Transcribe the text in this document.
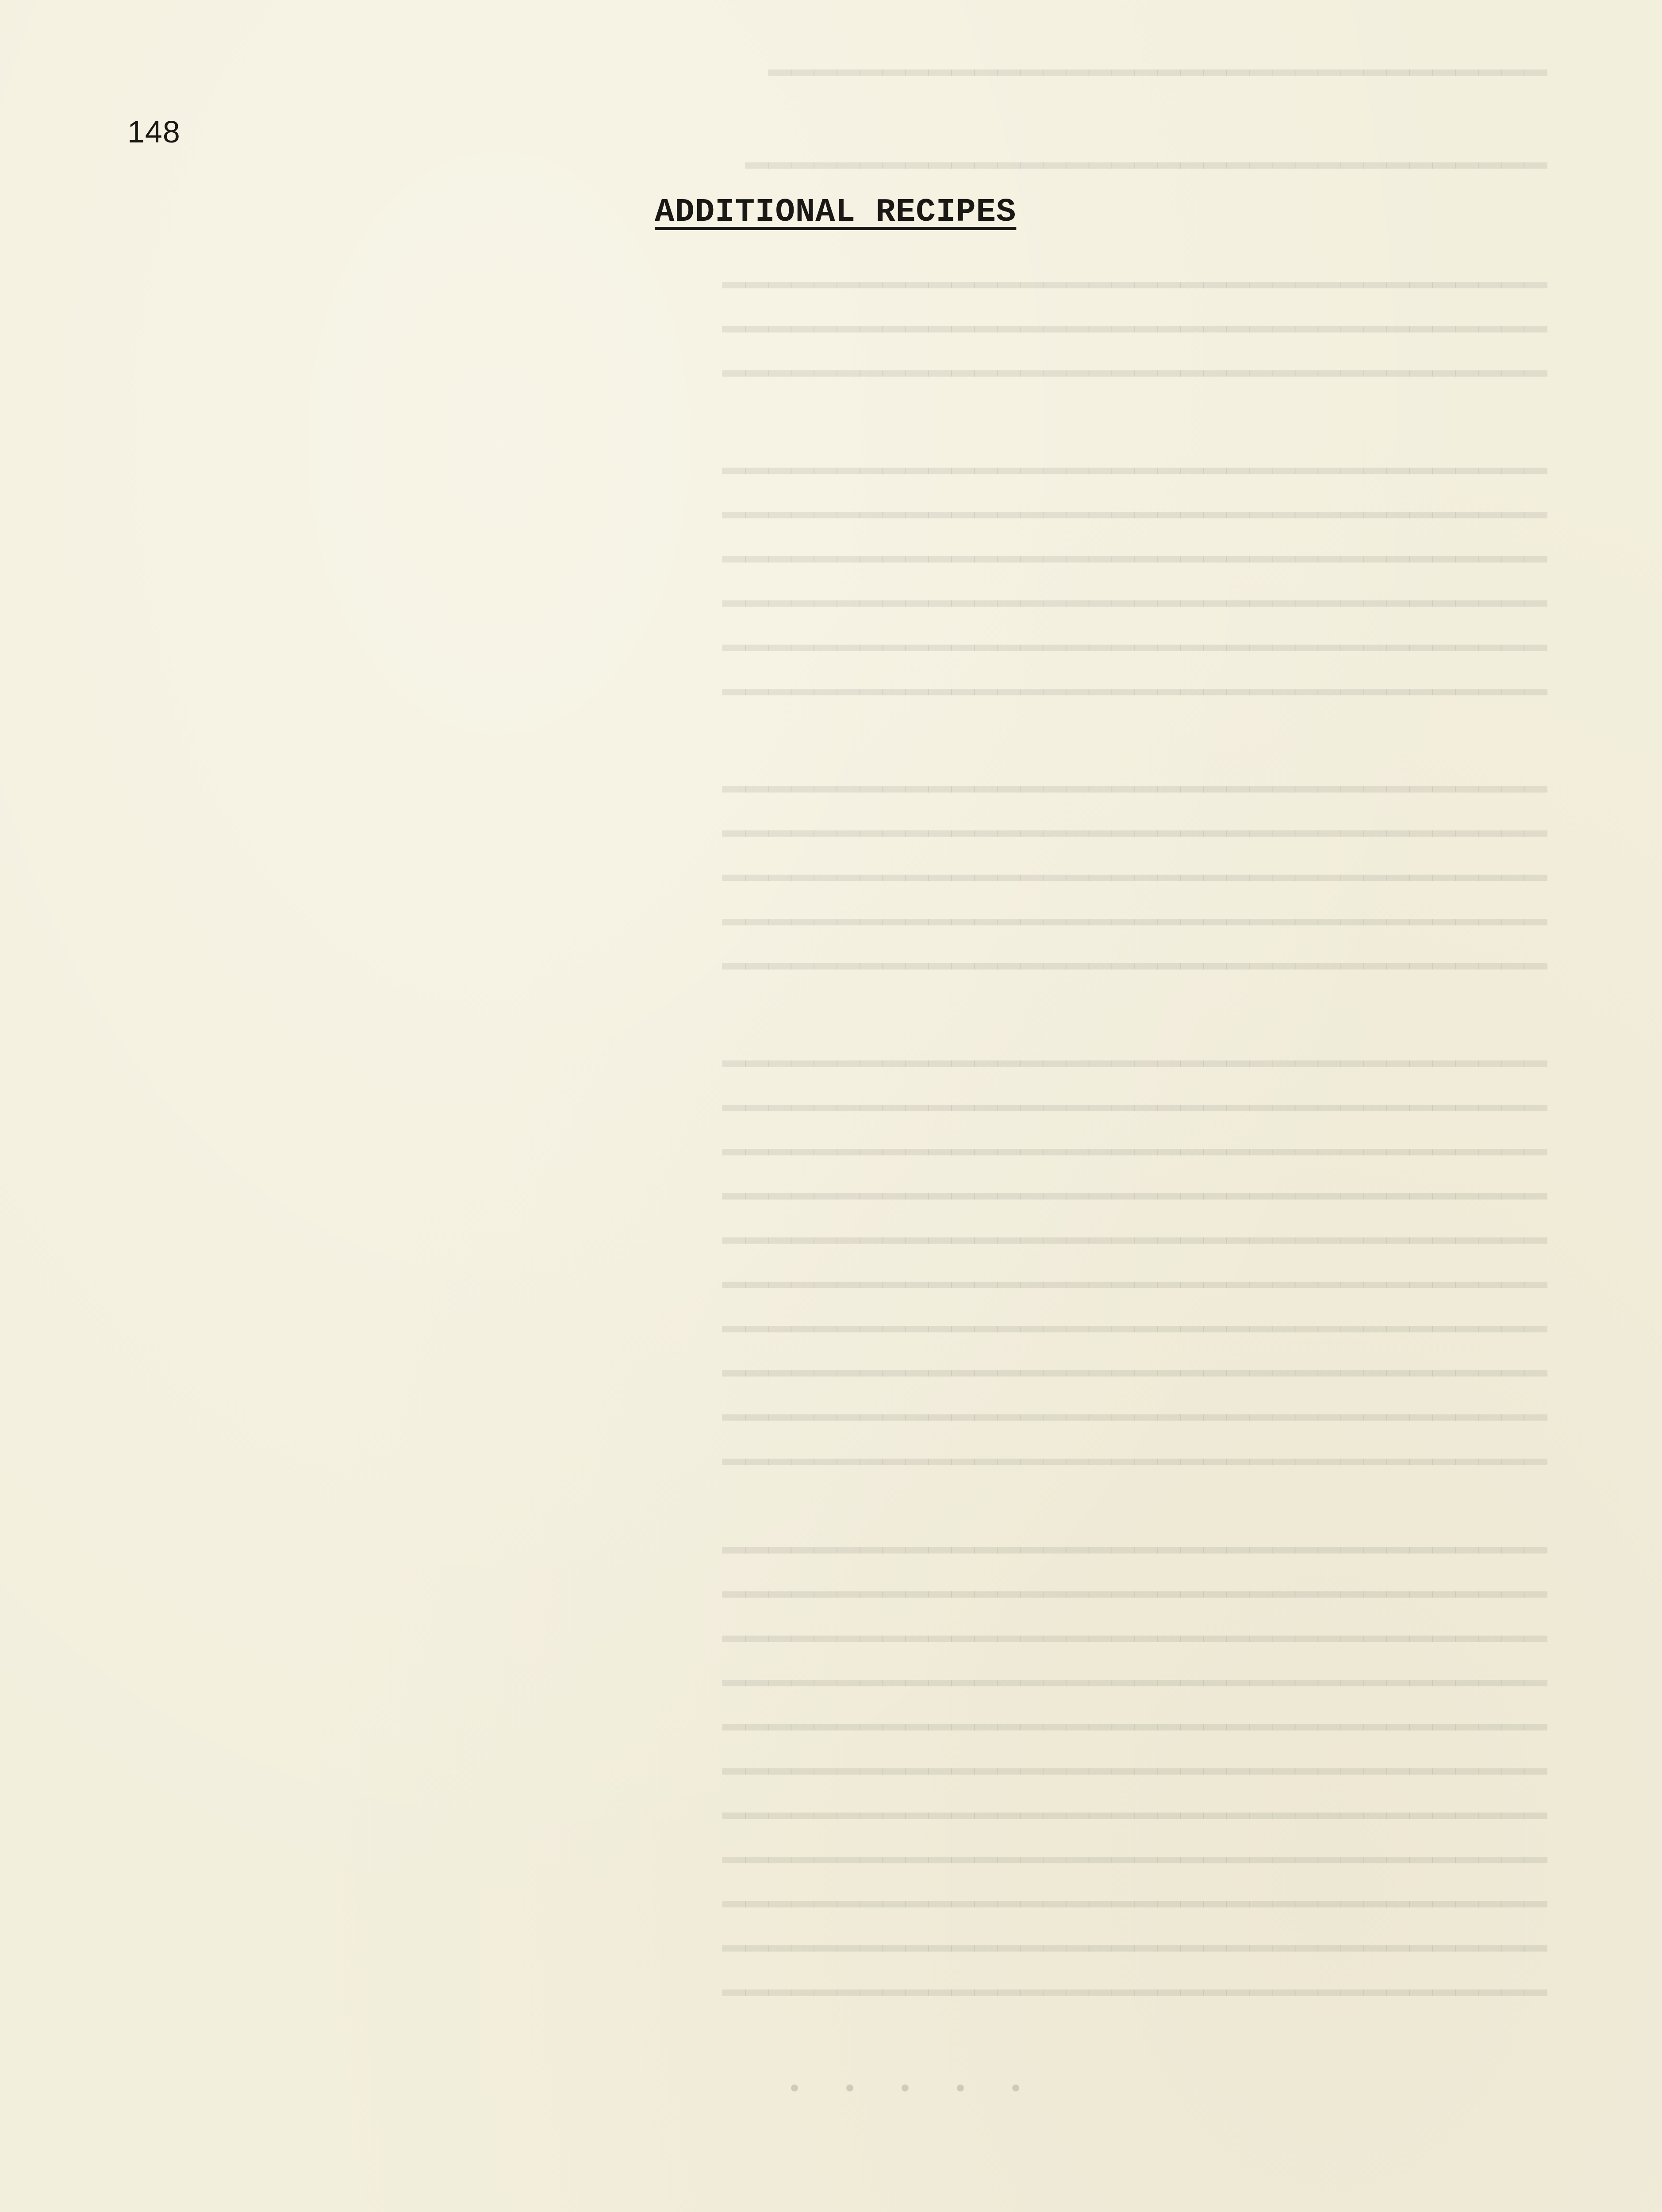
━━━━━━━━━━━━━━━━━━━━━━━━━━━━━━━━━━
━━━━━━━━━━━━━━━━━━━━━━━━━━━━━━━━━━━
━━━━━━━━━━━━━━━━━━━━━━━━━━━━━━━━━━━━
━━━━━━━━━━━━━━━━━━━━━━━━━━━━━━━━━━━━
━━━━━━━━━━━━━━━━━━━━━━━━━━━━━━━━━━━━
━━━━━━━━━━━━━━━━━━━━━━━━━━━━━━━━━━━━
━━━━━━━━━━━━━━━━━━━━━━━━━━━━━━━━━━━━
━━━━━━━━━━━━━━━━━━━━━━━━━━━━━━━━━━━━
━━━━━━━━━━━━━━━━━━━━━━━━━━━━━━━━━━━━
━━━━━━━━━━━━━━━━━━━━━━━━━━━━━━━━━━━━
━━━━━━━━━━━━━━━━━━━━━━━━━━━━━━━━━━━━
━━━━━━━━━━━━━━━━━━━━━━━━━━━━━━━━━━━━
━━━━━━━━━━━━━━━━━━━━━━━━━━━━━━━━━━━━
━━━━━━━━━━━━━━━━━━━━━━━━━━━━━━━━━━━━
━━━━━━━━━━━━━━━━━━━━━━━━━━━━━━━━━━━━
━━━━━━━━━━━━━━━━━━━━━━━━━━━━━━━━━━━━
━━━━━━━━━━━━━━━━━━━━━━━━━━━━━━━━━━━━
━━━━━━━━━━━━━━━━━━━━━━━━━━━━━━━━━━━━
━━━━━━━━━━━━━━━━━━━━━━━━━━━━━━━━━━━━
━━━━━━━━━━━━━━━━━━━━━━━━━━━━━━━━━━━━
━━━━━━━━━━━━━━━━━━━━━━━━━━━━━━━━━━━━
━━━━━━━━━━━━━━━━━━━━━━━━━━━━━━━━━━━━
━━━━━━━━━━━━━━━━━━━━━━━━━━━━━━━━━━━━
━━━━━━━━━━━━━━━━━━━━━━━━━━━━━━━━━━━━
━━━━━━━━━━━━━━━━━━━━━━━━━━━━━━━━━━━━
━━━━━━━━━━━━━━━━━━━━━━━━━━━━━━━━━━━━
━━━━━━━━━━━━━━━━━━━━━━━━━━━━━━━━━━━━
━━━━━━━━━━━━━━━━━━━━━━━━━━━━━━━━━━━━
━━━━━━━━━━━━━━━━━━━━━━━━━━━━━━━━━━━━
━━━━━━━━━━━━━━━━━━━━━━━━━━━━━━━━━━━━
━━━━━━━━━━━━━━━━━━━━━━━━━━━━━━━━━━━━
━━━━━━━━━━━━━━━━━━━━━━━━━━━━━━━━━━━━
━━━━━━━━━━━━━━━━━━━━━━━━━━━━━━━━━━━━
━━━━━━━━━━━━━━━━━━━━━━━━━━━━━━━━━━━━
━━━━━━━━━━━━━━━━━━━━━━━━━━━━━━━━━━━━
━━━━━━━━━━━━━━━━━━━━━━━━━━━━━━━━━━━━
━━━━━━━━━━━━━━━━━━━━━━━━━━━━━━━━━━━━
148
ADDITIONAL RECIPES
• • • • •
